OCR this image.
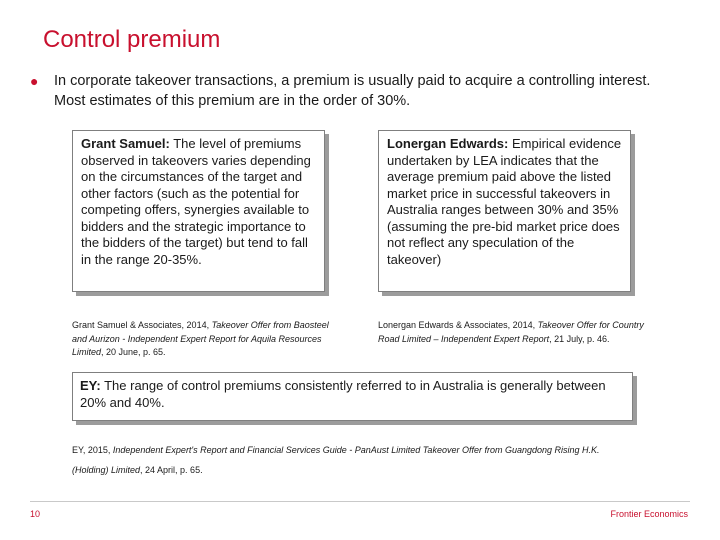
Control premium
● In corporate takeover transactions, a premium is usually paid to acquire a controlling interest. Most estimates of this premium are in the order of 30%.
Grant Samuel: The level of premiums observed in takeovers varies depending on the circumstances of the target and other factors (such as the potential for competing offers, synergies available to bidders and the strategic importance to the bidders of the target) but tend to fall in the range 20-35%.
Lonergan Edwards: Empirical evidence undertaken by LEA indicates that the average premium paid above the listed market price in successful takeovers in Australia ranges between 30% and 35% (assuming the pre-bid market price does not reflect any speculation of the takeover)
Grant Samuel & Associates, 2014, Takeover Offer from Baosteel and Aurizon - Independent Expert Report for Aquila Resources Limited, 20 June, p. 65.
Lonergan Edwards & Associates, 2014, Takeover Offer for Country Road Limited – Independent Expert Report, 21 July, p. 46.
EY: The range of control premiums consistently referred to in Australia is generally between 20% and 40%.
EY, 2015, Independent Expert's Report and Financial Services Guide - PanAust Limited Takeover Offer from Guangdong Rising H.K. (Holding) Limited, 24 April, p. 65.
10	Frontier Economics
